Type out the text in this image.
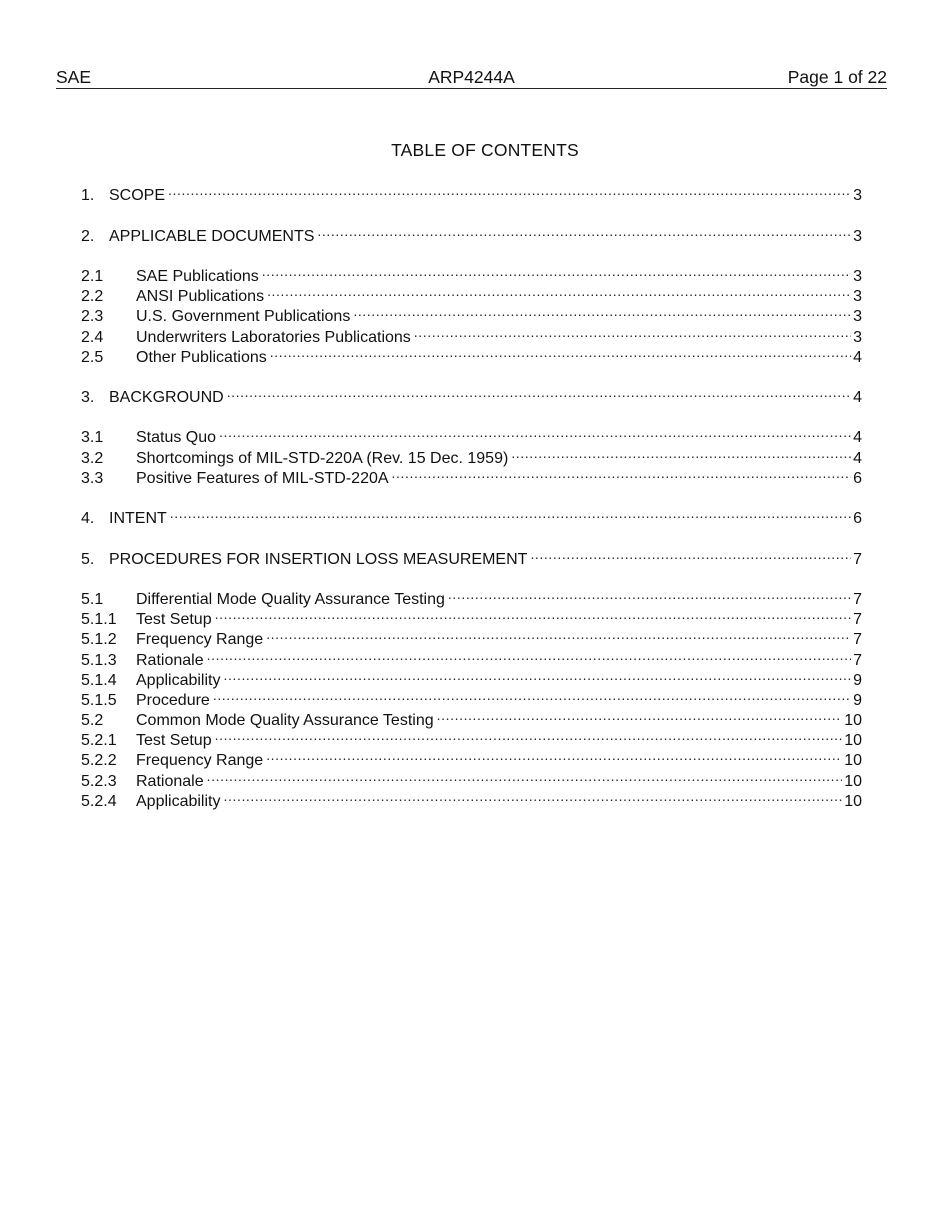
SAE	ARP4244A	Page 1 of 22
TABLE OF CONTENTS
1. SCOPE .....	3
2. APPLICABLE DOCUMENTS .....	3
2.1	SAE Publications .....	3
2.2	ANSI Publications .....	3
2.3	U.S. Government Publications .....	3
2.4	Underwriters Laboratories Publications .....	3
2.5	Other Publications .....	4
3. BACKGROUND .....	4
3.1	Status Quo .....	4
3.2	Shortcomings of MIL-STD-220A (Rev. 15 Dec. 1959) .....	4
3.3	Positive Features of MIL-STD-220A .....	6
4. INTENT .....	6
5. PROCEDURES FOR INSERTION LOSS MEASUREMENT .....	7
5.1	Differential Mode Quality Assurance Testing .....	7
5.1.1	Test Setup .....	7
5.1.2	Frequency Range .....	7
5.1.3	Rationale .....	7
5.1.4	Applicability .....	9
5.1.5	Procedure .....	9
5.2	Common Mode Quality Assurance Testing .....	10
5.2.1	Test Setup .....	10
5.2.2	Frequency Range .....	10
5.2.3	Rationale .....	10
5.2.4	Applicability .....	10
